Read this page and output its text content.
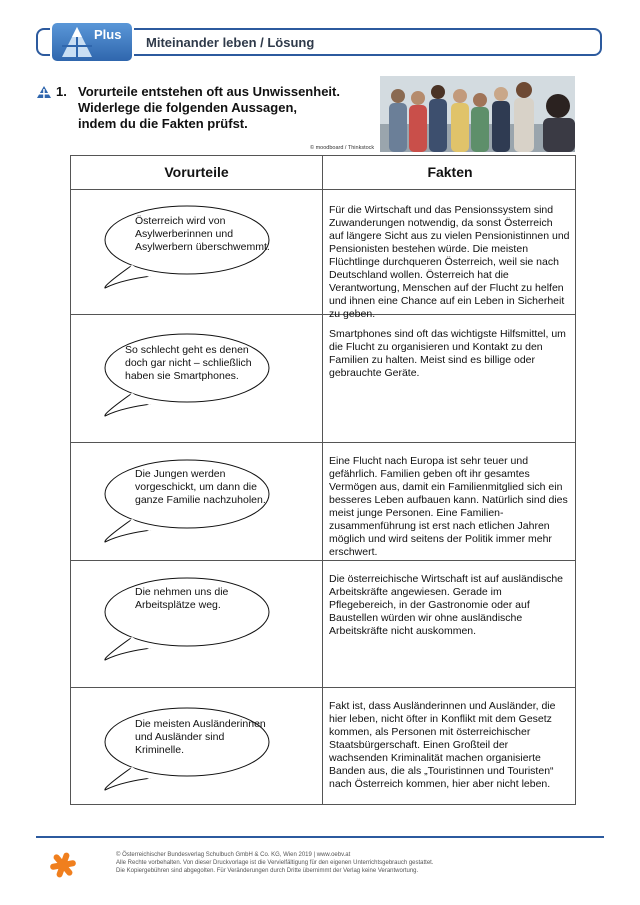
Plus
Miteinander leben / Lösung
1. Vorurteile entstehen oft aus Unwissenheit.
Widerlege die folgenden Aussagen,
indem du die Fakten prüfst.
© moodboard / Thinkstock
Vorurteile	Fakten
Österreich wird von
Asylwerberinnen und
Asylwerbern überschwemmt.
Für die Wirtschaft und das Pensionssystem sind
Zuwanderungen notwendig, da sonst Österreich
auf längere Sicht aus zu vielen Pensionistinnen und
Pensionisten bestehen würde. Die meisten
Flüchtlinge durchqueren Österreich, weil sie nach
Deutschland wollen. Österreich hat die
Verantwortung, Menschen auf der Flucht zu helfen
und ihnen eine Chance auf ein Leben in Sicherheit
zu geben.
So schlecht geht es denen
doch gar nicht – schließlich
haben sie Smartphones.
Smartphones sind oft das wichtigste Hilfsmittel, um
die Flucht zu organisieren und Kontakt zu den
Familien zu halten. Meist sind es billige oder
gebrauchte Geräte.
Die Jungen werden
vorgeschickt, um dann die
ganze Familie nachzuholen.
Eine Flucht nach Europa ist sehr teuer und
gefährlich. Familien geben oft ihr gesamtes
Vermögen aus, damit ein Familienmitglied sich ein
besseres Leben aufbauen kann. Natürlich sind dies
meist junge Personen. Eine Familien-
zusammenführung ist erst nach etlichen Jahren
möglich und wird seitens der Politik immer mehr
erschwert.
Die nehmen uns die
Arbeitsplätze weg.
Die österreichische Wirtschaft ist auf ausländische
Arbeitskräfte angewiesen. Gerade im
Pflegebereich, in der Gastronomie oder auf
Baustellen würden wir ohne ausländische
Arbeitskräfte nicht auskommen.
Die meisten Ausländerinnen
und Ausländer sind
Kriminelle.
Fakt ist, dass Ausländerinnen und Ausländer, die
hier leben, nicht öfter in Konflikt mit dem Gesetz
kommen, als Personen mit österreichischer
Staatsbürgerschaft. Einen Großteil der
wachsenden Kriminalität machen organisierte
Banden aus, die als „Touristinnen und Touristen“
nach Österreich kommen, hier aber nicht leben.
© Österreichischer Bundesverlag Schulbuch GmbH & Co. KG, Wien 2019 | www.oebv.at
Alle Rechte vorbehalten. Von dieser Druckvorlage ist die Vervielfältigung für den eigenen Unterrichtsgebrauch gestattet.
Die Kopiergebühren sind abgegolten. Für Veränderungen durch Dritte übernimmt der Verlag keine Verantwortung.
